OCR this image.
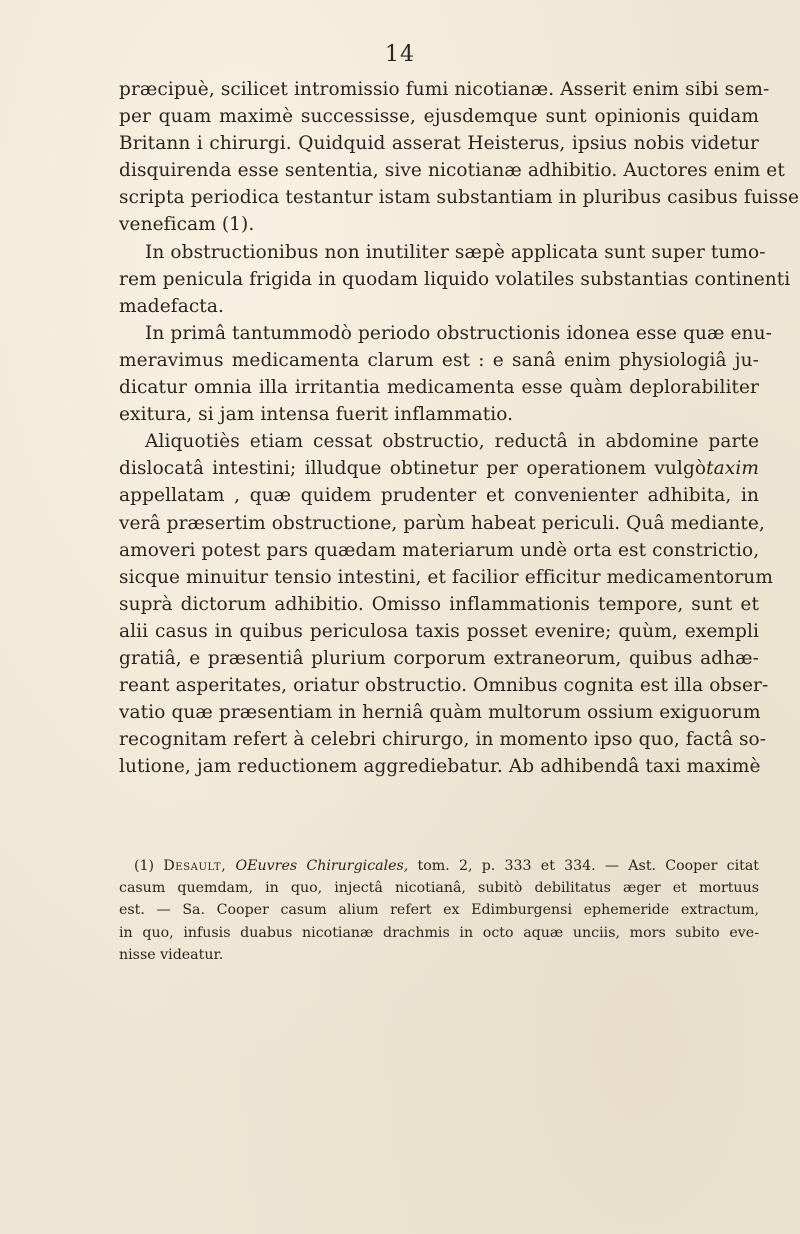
14
præcipuè, scilicet intromissio fumi nicotianæ. Asserit enim sibi sem-
per quam maximè successisse, ejusdemque sunt opinionis quidam
Britann i chirurgi. Quidquid asserat Heisterus, ipsius nobis videtur
disquirenda esse sententia, sive nicotianæ adhibitio. Auctores enim et
scripta periodica testantur istam substantiam in pluribus casibus fuisse
veneficam (1).
In obstructionibus non inutiliter sæpè applicata sunt super tumo-
rem penicula frigida in quodam liquido volatiles substantias continenti
madefacta.
In primâ tantummodò periodo obstructionis idonea esse quæ enu-
meravimus medicamenta clarum est : e sanâ enim physiologiâ ju-
dicatur omnia illa irritantia medicamenta esse quàm deplorabiliter
exitura, si jam intensa fuerit inflammatio.
Aliquotiès etiam cessat obstructio, reductâ in abdomine parte
dislocatâ intestini; illudque obtinetur per operationem vulgòtaxim
appellatam , quæ quidem prudenter et convenienter adhibita, in
verâ præsertim obstructione, parùm habeat periculi. Quâ mediante,
amoveri potest pars quædam materiarum undè orta est constrictio,
sicque minuitur tensio intestini, et facilior efficitur medicamentorum
suprà dictorum adhibitio. Omisso inflammationis tempore, sunt et
alii casus in quibus periculosa taxis posset evenire; quùm, exempli
gratiâ, e præsentiâ plurium corporum extraneorum, quibus adhæ-
reant asperitates, oriatur obstructio. Omnibus cognita est illa obser-
vatio quæ præsentiam in herniâ quàm multorum ossium exiguorum
recognitam refert à celebri chirurgo, in momento ipso quo, factâ so-
lutione, jam reductionem aggrediebatur. Ab adhibendâ taxi maximè
(1) Desault, OEuvres Chirurgicales, tom. 2, p. 333 et 334. — Ast. Cooper citat
casum quemdam, in quo, injectâ nicotianâ, subitò debilitatus æger et mortuus
est. — Sa. Cooper casum alium refert ex Edimburgensi ephemeride extractum,
in quo, infusis duabus nicotianæ drachmis in octo aquæ unciis, mors subito eve-
nisse videatur.
